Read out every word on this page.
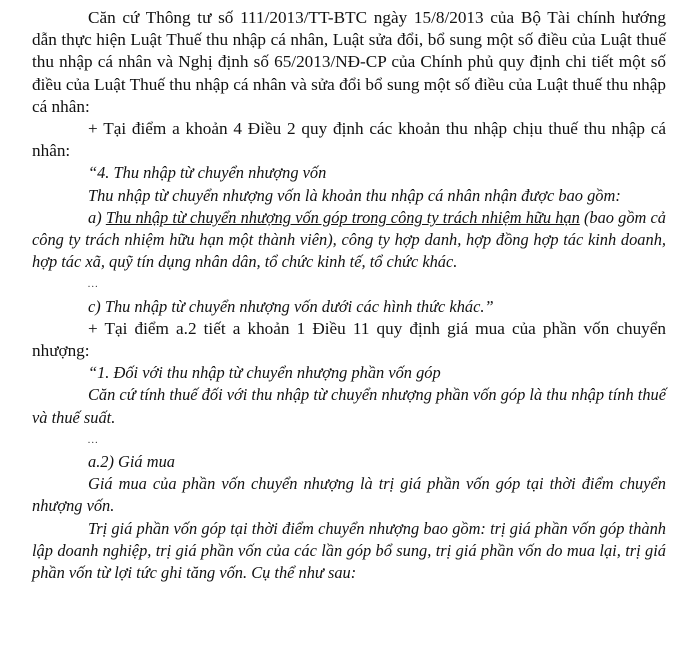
Căn cứ Thông tư số 111/2013/TT-BTC ngày 15/8/2013 của Bộ Tài chính hướng dẫn thực hiện Luật Thuế thu nhập cá nhân, Luật sửa đổi, bổ sung một số điều của Luật thuế thu nhập cá nhân và Nghị định số 65/2013/NĐ-CP của Chính phủ quy định chi tiết một số điều của Luật Thuế thu nhập cá nhân và sửa đổi bổ sung một số điều của Luật thuế thu nhập cá nhân:

+ Tại điểm a khoản 4 Điều 2 quy định các khoản thu nhập chịu thuế thu nhập cá nhân:

“4. Thu nhập từ chuyển nhượng vốn

Thu nhập từ chuyển nhượng vốn là khoản thu nhập cá nhân nhận được bao gồm:

a) Thu nhập từ chuyển nhượng vốn góp trong công ty trách nhiệm hữu hạn (bao gồm cả công ty trách nhiệm hữu hạn một thành viên), công ty hợp danh, hợp đồng hợp tác kinh doanh, hợp tác xã, quỹ tín dụng nhân dân, tổ chức kinh tế, tổ chức khác.

…

c) Thu nhập từ chuyển nhượng vốn dưới các hình thức khác.”

+ Tại điểm a.2 tiết a khoản 1 Điều 11 quy định giá mua của phần vốn chuyển nhượng:

“1. Đối với thu nhập từ chuyển nhượng phần vốn góp

Căn cứ tính thuế đối với thu nhập từ chuyển nhượng phần vốn góp là thu nhập tính thuế và thuế suất.

…

a.2) Giá mua

Giá mua của phần vốn chuyển nhượng là trị giá phần vốn góp tại thời điểm chuyển nhượng vốn.

Trị giá phần vốn góp tại thời điểm chuyển nhượng bao gồm: trị giá phần vốn góp thành lập doanh nghiệp, trị giá phần vốn của các lần góp bổ sung, trị giá phần vốn do mua lại, trị giá phần vốn từ lợi tức ghi tăng vốn. Cụ thể như sau:
